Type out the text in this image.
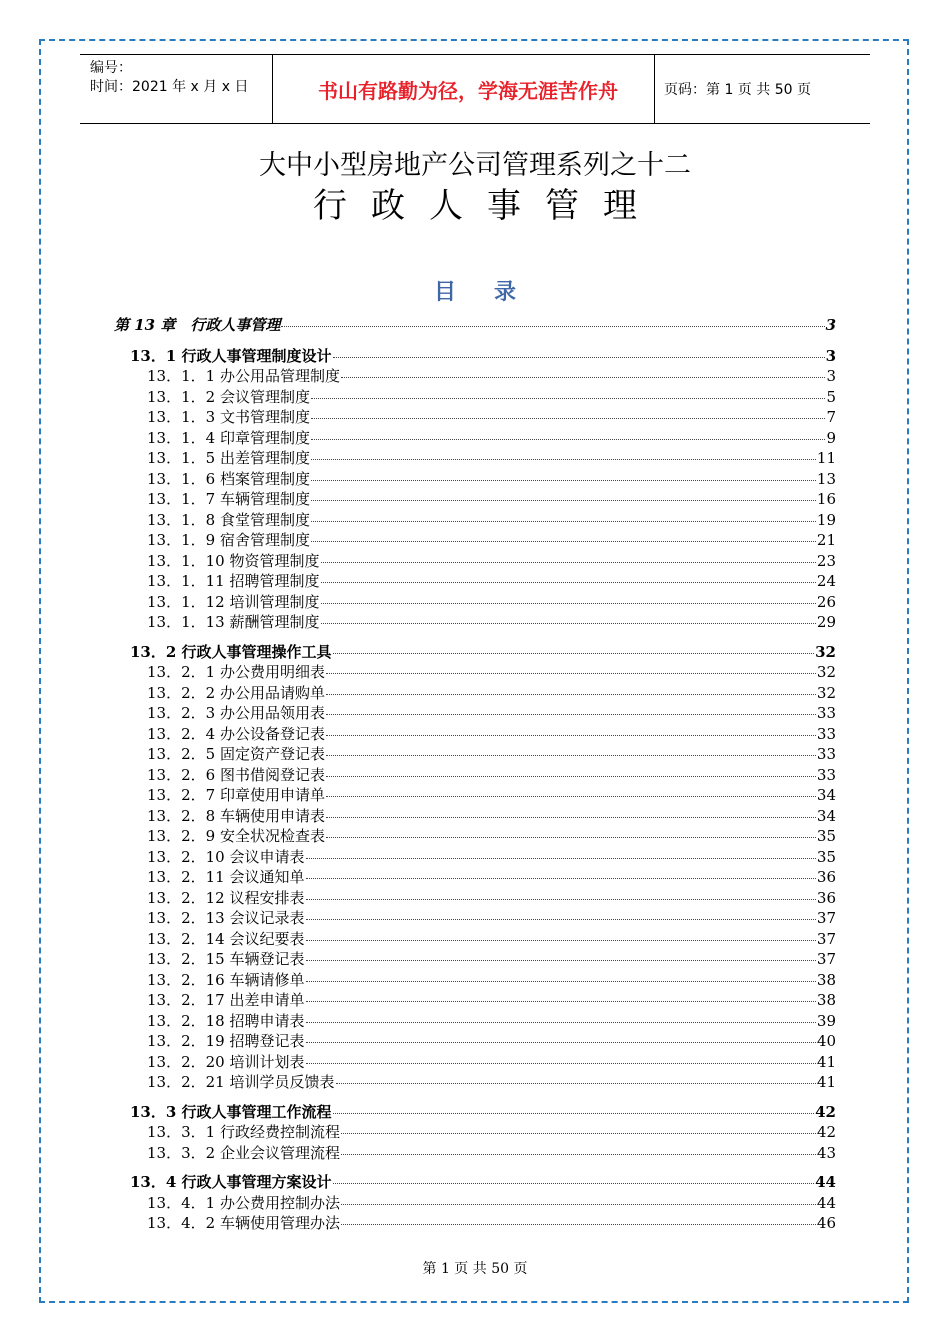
编号：
时间：2021 年 x 月 x 日	书山有路勤为径，学海无涯苦作舟	页码：第 1 页 共 50 页
大中小型房地产公司管理系列之十二
行政人事管理
目录
第 13 章　行政人事管理	3
13．1 行政人事管理制度设计	3
13．1．1 办公用品管理制度	3
13．1．2 会议管理制度	5
13．1．3 文书管理制度	7
13．1．4 印章管理制度	9
13．1．5 出差管理制度	11
13．1．6 档案管理制度	13
13．1．7 车辆管理制度	16
13．1．8 食堂管理制度	19
13．1．9 宿舍管理制度	21
13．1．10 物资管理制度	23
13．1．11 招聘管理制度	24
13．1．12 培训管理制度	26
13．1．13 薪酬管理制度	29
13．2 行政人事管理操作工具	32
13．2．1 办公费用明细表	32
13．2．2 办公用品请购单	32
13．2．3 办公用品领用表	33
13．2．4 办公设备登记表	33
13．2．5 固定资产登记表	33
13．2．6 图书借阅登记表	33
13．2．7 印章使用申请单	34
13．2．8 车辆使用申请表	34
13．2．9 安全状况检查表	35
13．2．10 会议申请表	35
13．2．11 会议通知单	36
13．2．12 议程安排表	36
13．2．13 会议记录表	37
13．2．14 会议纪要表	37
13．2．15 车辆登记表	37
13．2．16 车辆请修单	38
13．2．17 出差申请单	38
13．2．18 招聘申请表	39
13．2．19 招聘登记表	40
13．2．20 培训计划表	41
13．2．21 培训学员反馈表	41
13．3 行政人事管理工作流程	42
13．3．1 行政经费控制流程	42
13．3．2 企业会议管理流程	43
13．4 行政人事管理方案设计	44
13．4．1 办公费用控制办法	44
13．4．2 车辆使用管理办法	46
第 1 页 共 50 页
